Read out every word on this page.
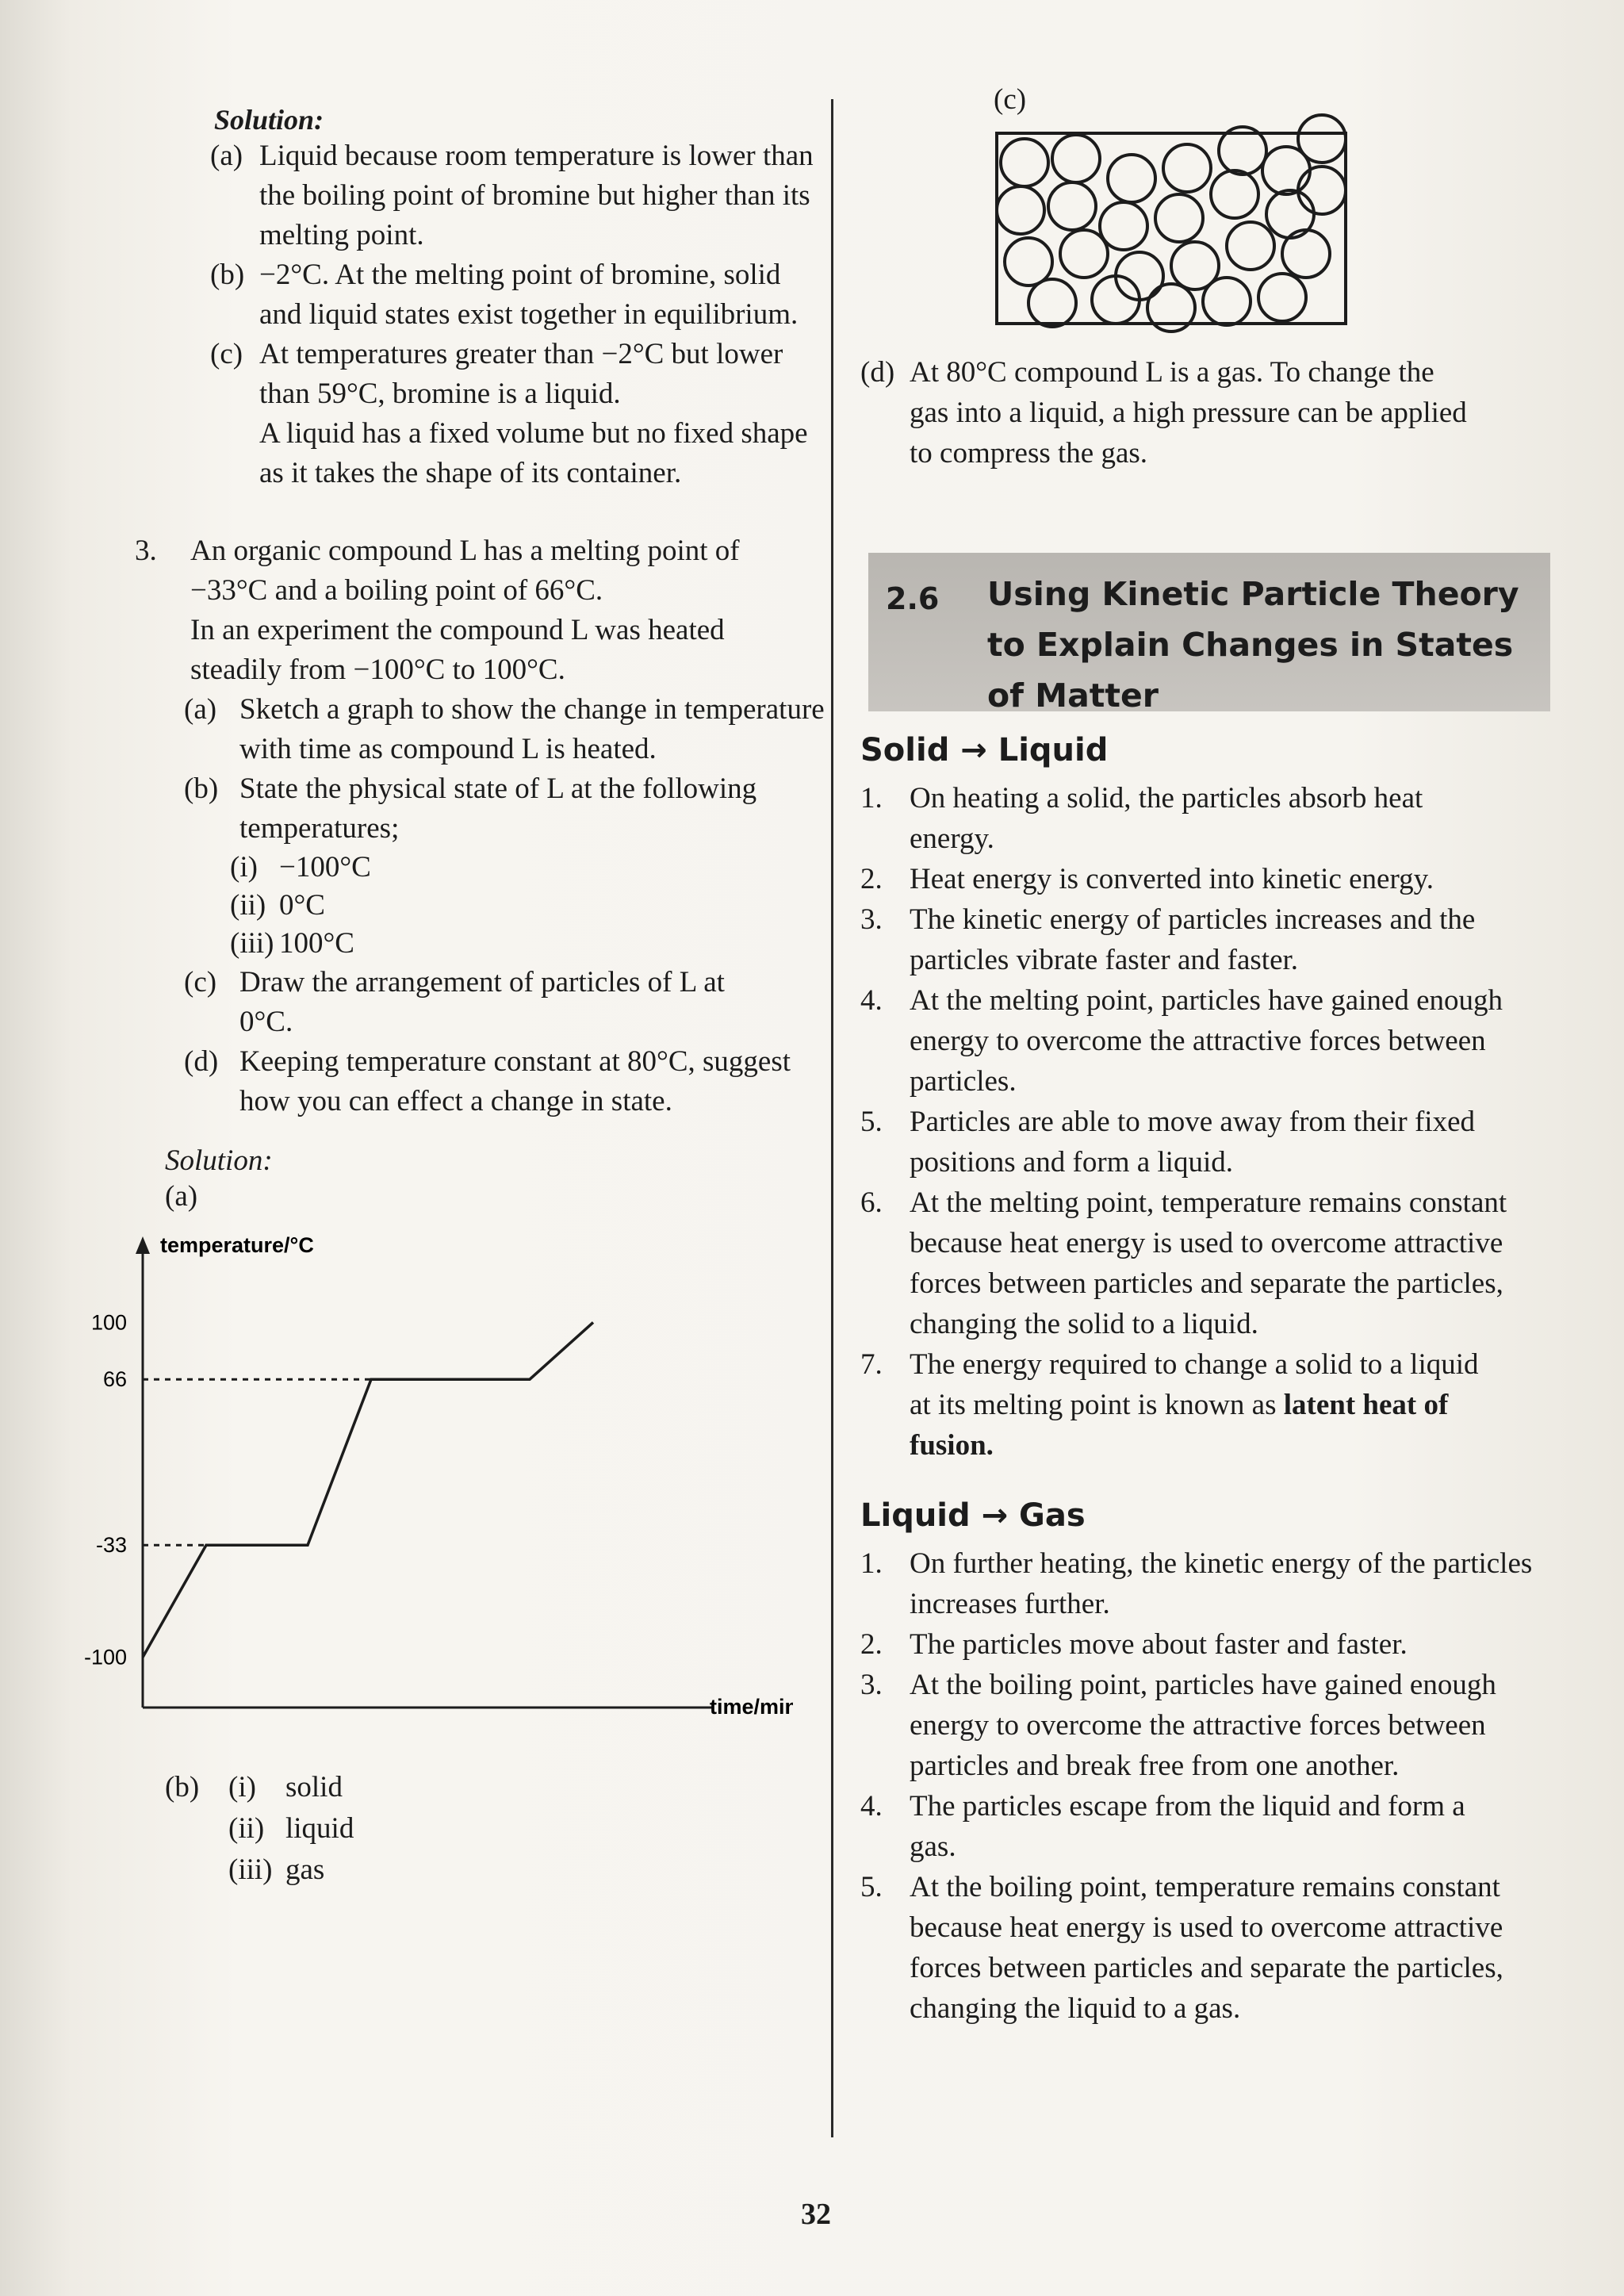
Solution:
(a) Liquid because room temperature is lower than
the boiling point of bromine but higher than its
melting point.
(b) −2°C. At the melting point of bromine, solid
and liquid states exist together in equilibrium.
(c) At temperatures greater than −2°C but lower
than 59°C, bromine is a liquid.
A liquid has a fixed volume but no fixed shape
as it takes the shape of its container.
3.	An organic compound L has a melting point of
−33°C and a boiling point of 66°C.
In an experiment the compound L was heated
steadily from −100°C to 100°C.
(a) Sketch a graph to show the change in temperature
with time as compound L is heated.
(b) State the physical state of L at the following
temperatures;
(i) −100°C
(ii) 0°C
(iii) 100°C
(c) Draw the arrangement of particles of L at
0°C.
(d) Keeping temperature constant at 80°C, suggest
how you can effect a change in state.
Solution:
(a)
temperature/°C
time/min
100
66
-33
-100
(b) (i)	solid
(ii) liquid
(iii) gas
(c)
(d) At 80°C compound L is a gas. To change the
gas into a liquid, a high pressure can be applied
to compress the gas.
2.6 Using Kinetic Particle Theory to Explain Changes in States of Matter
Solid → Liquid
1. On heating a solid, the particles absorb heat
energy.
2. Heat energy is converted into kinetic energy.
3. The kinetic energy of particles increases and the
particles vibrate faster and faster.
4. At the melting point, particles have gained enough
energy to overcome the attractive forces between
particles.
5. Particles are able to move away from their fixed
positions and form a liquid.
6. At the melting point, temperature remains constant
because heat energy is used to overcome attractive
forces between particles and separate the particles,
changing the solid to a liquid.
7. The energy required to change a solid to a liquid
at its melting point is known as latent heat of
fusion.
Liquid → Gas
1. On further heating, the kinetic energy of the particles
increases further.
2. The particles move about faster and faster.
3. At the boiling point, particles have gained enough
energy to overcome the attractive forces between
particles and break free from one another.
4. The particles escape from the liquid and form a
gas.
5. At the boiling point, temperature remains constant
because heat energy is used to overcome attractive
forces between particles and separate the particles,
changing the liquid to a gas.
32
